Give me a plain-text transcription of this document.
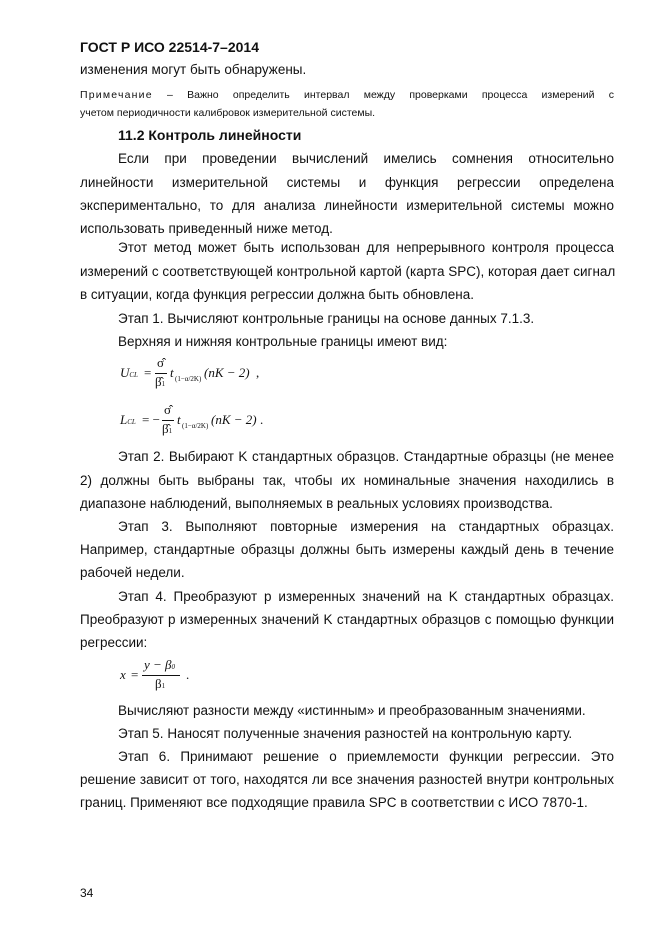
ГОСТ Р ИСО 22514-7–2014
изменения могут быть обнаружены.
Примечание – Важно определить интервал между проверками процесса измерений с
учетом периодичности калибровок измерительной системы.
11.2 Контроль линейности
Если при проведении вычислений имелись сомнения относительно
линейности измерительной системы и функция регрессии определена
экспериментально, то для анализа линейности измерительной системы можно
использовать приведенный ниже метод.
Этот метод может быть использован для непрерывного контроля процесса
измерений с соответствующей контрольной картой (карта SPC), которая дает сигнал
в ситуации, когда функция регрессии должна быть обновлена.
Этап 1. Вычисляют контрольные границы на основе данных 7.1.3.
Верхняя и нижняя контрольные границы имеют вид:
UCL =
σ̂
β̂1
t (1−α/2K) (nK − 2) ,
LCL = −
σ̂
β̂1
t (1−α/2K) (nK − 2) .
Этап 2. Выбирают K стандартных образцов. Стандартные образцы (не менее
2) должны быть выбраны так, чтобы их номинальные значения находились в
диапазоне наблюдений, выполняемых в реальных условиях производства.
Этап 3. Выполняют повторные измерения на стандартных образцах.
Например, стандартные образцы должны быть измерены каждый день в течение
рабочей недели.
Этап 4. Преобразуют p измеренных значений на K стандартных образцах.
Преобразуют p измеренных значений K стандартных образцов с помощью функции
регрессии:
x =
y − β0
β1
.
Вычисляют разности между «истинным» и преобразованным значениями.
Этап 5. Наносят полученные значения разностей на контрольную карту.
Этап 6. Принимают решение о приемлемости функции регрессии. Это
решение зависит от того, находятся ли все значения разностей внутри контрольных
границ. Применяют все подходящие правила SPC в соответствии с ИСО 7870-1.
34
